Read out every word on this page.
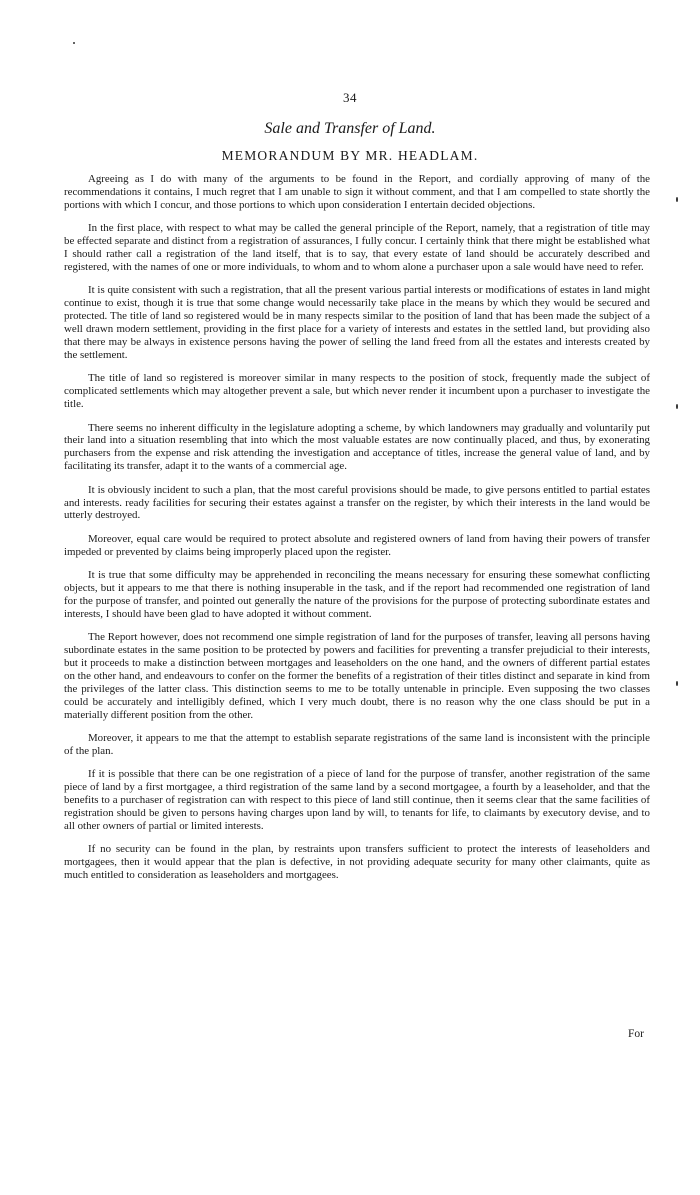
34
Sale and Transfer of Land.
MEMORANDUM BY MR. HEADLAM.

Agreeing as I do with many of the arguments to be found in the Report, and cordially approving of many of the recommendations it contains, I much regret that I am unable to sign it without comment, and that I am compelled to state shortly the portions with which I concur, and those portions to which upon consideration I entertain decided objections.

In the first place, with respect to what may be called the general principle of the Report, namely, that a registration of title may be effected separate and distinct from a registration of assurances, I fully concur. I certainly think that there might be established what I should rather call a registration of the land itself, that is to say, that every estate of land should be accurately described and registered, with the names of one or more individuals, to whom and to whom alone a purchaser upon a sale would have need to refer.

It is quite consistent with such a registration, that all the present various partial interests or modifications of estates in land might continue to exist, though it is true that some change would necessarily take place in the means by which they would be secured and protected. The title of land so registered would be in many respects similar to the position of land that has been made the subject of a well drawn modern settlement, providing in the first place for a variety of interests and estates in the settled land, but providing also that there may be always in existence persons having the power of selling the land freed from all the estates and interests created by the settlement.

The title of land so registered is moreover similar in many respects to the position of stock, frequently made the subject of complicated settlements which may altogether prevent a sale, but which never render it incumbent upon a purchaser to investigate the title.

There seems no inherent difficulty in the legislature adopting a scheme, by which landowners may gradually and voluntarily put their land into a situation resembling that into which the most valuable estates are now continually placed, and thus, by exonerating purchasers from the expense and risk attending the investigation and acceptance of titles, increase the general value of land, and by facilitating its transfer, adapt it to the wants of a commercial age.

It is obviously incident to such a plan, that the most careful provisions should be made, to give persons entitled to partial estates and interests. ready facilities for securing their estates against a transfer on the register, by which their interests in the land would be utterly destroyed.

Moreover, equal care would be required to protect absolute and registered owners of land from having their powers of transfer impeded or prevented by claims being improperly placed upon the register.

It is true that some difficulty may be apprehended in reconciling the means necessary for ensuring these somewhat conflicting objects, but it appears to me that there is nothing insuperable in the task, and if the report had recommended one registration of land for the purpose of transfer, and pointed out generally the nature of the provisions for the purpose of protecting subordinate estates and interests, I should have been glad to have adopted it without comment.

The Report however, does not recommend one simple registration of land for the purposes of transfer, leaving all persons having subordinate estates in the same position to be protected by powers and facilities for preventing a transfer prejudicial to their interests, but it proceeds to make a distinction between mortgages and leaseholders on the one hand, and the owners of different partial estates on the other hand, and endeavours to confer on the former the benefits of a registration of their titles distinct and separate in kind from the privileges of the latter class. This distinction seems to me to be totally untenable in principle. Even supposing the two classes could be accurately and intelligibly defined, which I very much doubt, there is no reason why the one class should be put in a materially different position from the other.

Moreover, it appears to me that the attempt to establish separate registrations of the same land is inconsistent with the principle of the plan.

If it is possible that there can be one registration of a piece of land for the purpose of transfer, another registration of the same piece of land by a first mortgagee, a third registration of the same land by a second mortgagee, a fourth by a leaseholder, and that the benefits to a purchaser of registration can with respect to this piece of land still continue, then it seems clear that the same facilities of registration should be given to persons having charges upon land by will, to tenants for life, to claimants by executory devise, and to all other owners of partial or limited interests.

If no security can be found in the plan, by restraints upon transfers sufficient to protect the interests of leaseholders and mortgagees, then it would appear that the plan is defective, in not providing adequate security for many other claimants, quite as much entitled to consideration as leaseholders and mortgagees.

For
